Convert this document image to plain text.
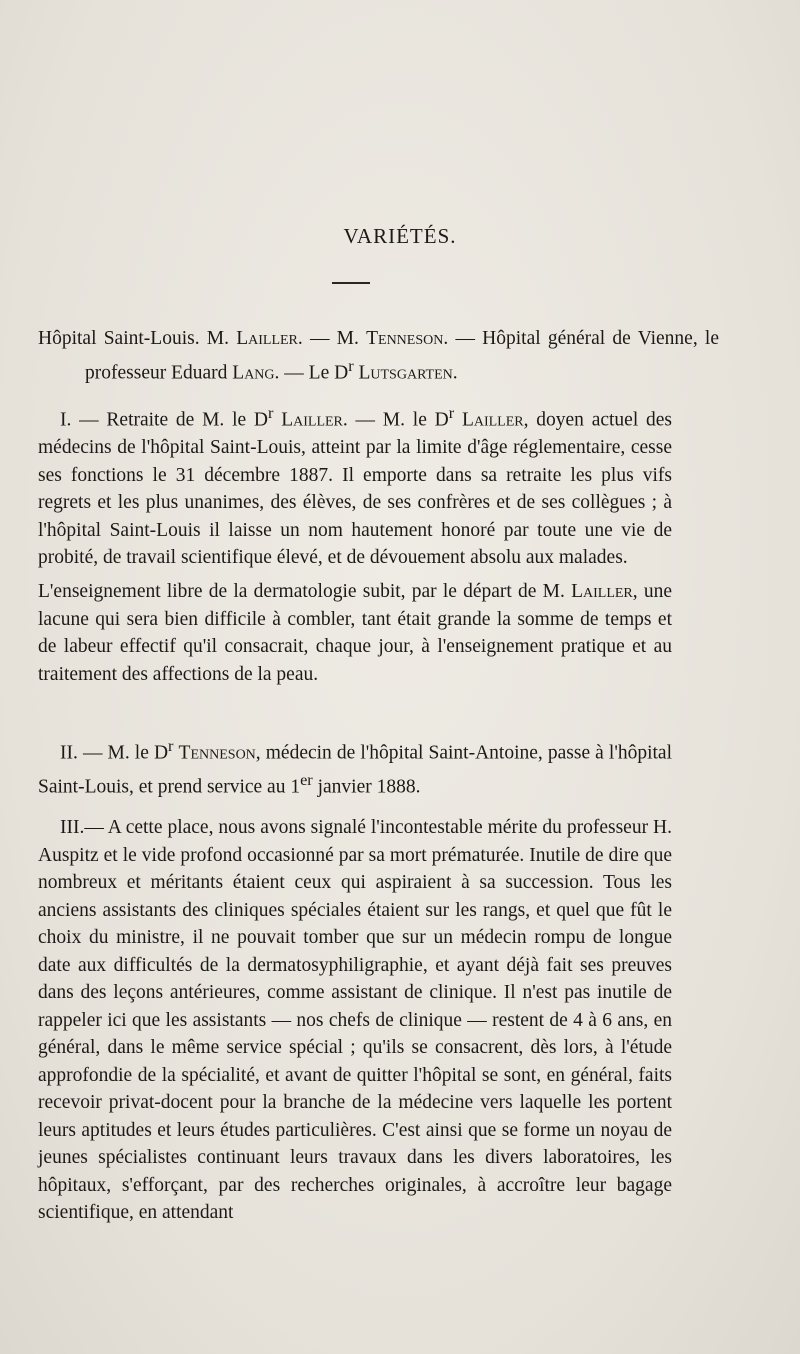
VARIÉTÉS.
Hôpital Saint-Louis. M. Lailler. — M. Tenneson. — Hôpital général de Vienne, le professeur Eduard Lang. — Le $D^r$ Lutsgarten.
I. — Retraite de M. le $D^r$ Lailler. — M. le $D^r$ Lailler, doyen actuel des médecins de l'hôpital Saint-Louis, atteint par la limite d'âge réglementaire, cesse ses fonctions le 31 décembre 1887. Il emporte dans sa retraite les plus vifs regrets et les plus unanimes, des élèves, de ses confrères et de ses collègues ; à l'hôpital Saint-Louis il laisse un nom hautement honoré par toute une vie de probité, de travail scientifique élevé, et de dévouement absolu aux malades.
L'enseignement libre de la dermatologie subit, par le départ de M. Lailler, une lacune qui sera bien difficile à combler, tant était grande la somme de temps et de labeur effectif qu'il consacrait, chaque jour, à l'enseignement pratique et au traitement des affections de la peau.
II. — M. le $D^r$ Tenneson, médecin de l'hôpital Saint-Antoine, passe à l'hôpital Saint-Louis, et prend service au 1er janvier 1888.
III.— A cette place, nous avons signalé l'incontestable mérite du professeur H. Auspitz et le vide profond occasionné par sa mort prématurée. Inutile de dire que nombreux et méritants étaient ceux qui aspiraient à sa succession. Tous les anciens assistants des cliniques spéciales étaient sur les rangs, et quel que fût le choix du ministre, il ne pouvait tomber que sur un médecin rompu de longue date aux difficultés de la dermatosyphiligraphie, et ayant déjà fait ses preuves dans des leçons antérieures, comme assistant de clinique. Il n'est pas inutile de rappeler ici que les assistants — nos chefs de clinique — restent de 4 à 6 ans, en général, dans le même service spécial ; qu'ils se consacrent, dès lors, à l'étude approfondie de la spécialité, et avant de quitter l'hôpital se sont, en général, faits recevoir privat-docent pour la branche de la médecine vers laquelle les portent leurs aptitudes et leurs études particulières. C'est ainsi que se forme un noyau de jeunes spécialistes continuant leurs travaux dans les divers laboratoires, les hôpitaux, s'efforçant, par des recherches originales, à accroître leur bagage scientifique, en attendant
